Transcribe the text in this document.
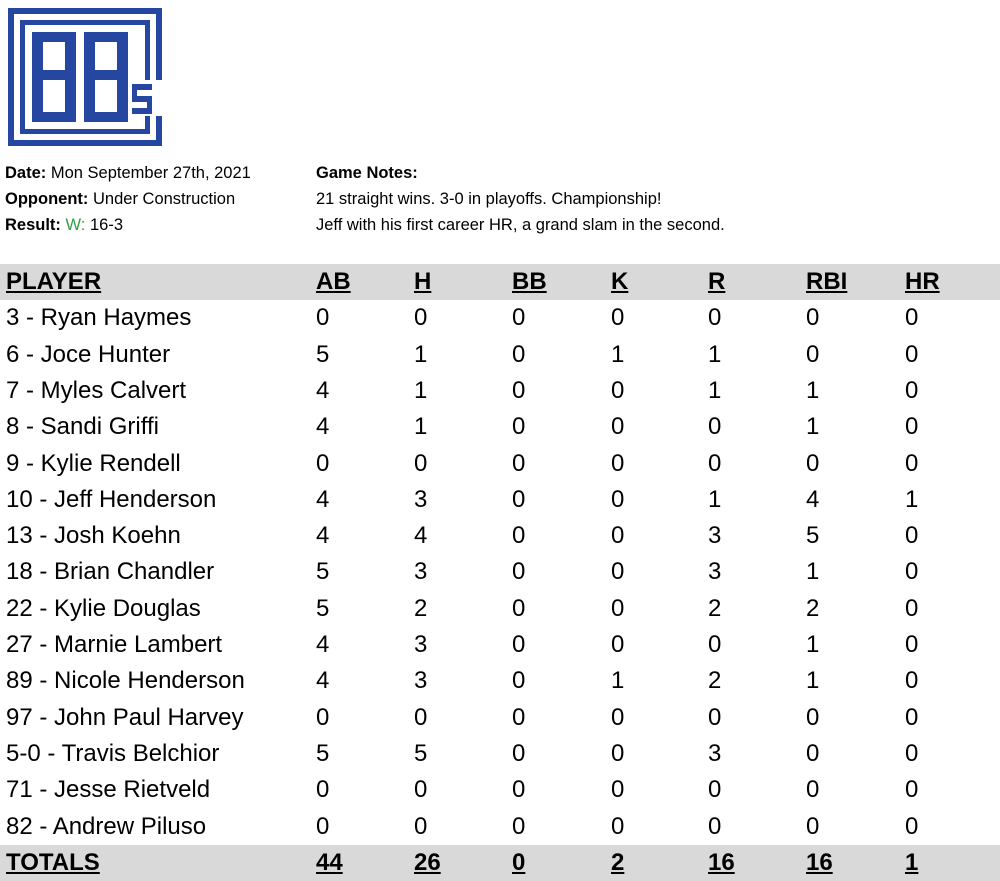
Date: Mon September 27th, 2021
Opponent: Under Construction
Result: W: 16-3
Game Notes:
21 straight wins. 3-0 in playoffs. Championship!
Jeff with his first career HR, a grand slam in the second.
PLAYER	AB	H	BB	K	R	RBI HR
3 - Ryan Haymes	0	0	0	0	0	0	0
6 - Joce Hunter	5	1	0	1	1	0	0
7 - Myles Calvert	4	1	0	0	1	1	0
8 - Sandi Griffi	4	1	0	0	0	1	0
9 - Kylie Rendell	0	0	0	0	0	0	0
10 - Jeff Henderson	4	3	0	0	1	4	1
13 - Josh Koehn	4	4	0	0	3	5	0
18 - Brian Chandler	5	3	0	0	3	1	0
22 - Kylie Douglas	5	2	0	0	2	2	0
27 - Marnie Lambert	4	3	0	0	0	1	0
89 - Nicole Henderson	4	3	0	1	2	1	0
97 - John Paul Harvey	0	0	0	0	0	0	0
5-0 - Travis Belchior	5	5	0	0	3	0	0
71 - Jesse Rietveld	0	0	0	0	0	0	0
82 - Andrew Piluso	0	0	0	0	0	0	0
TOTALS	44	26	0	2	16	16	1
